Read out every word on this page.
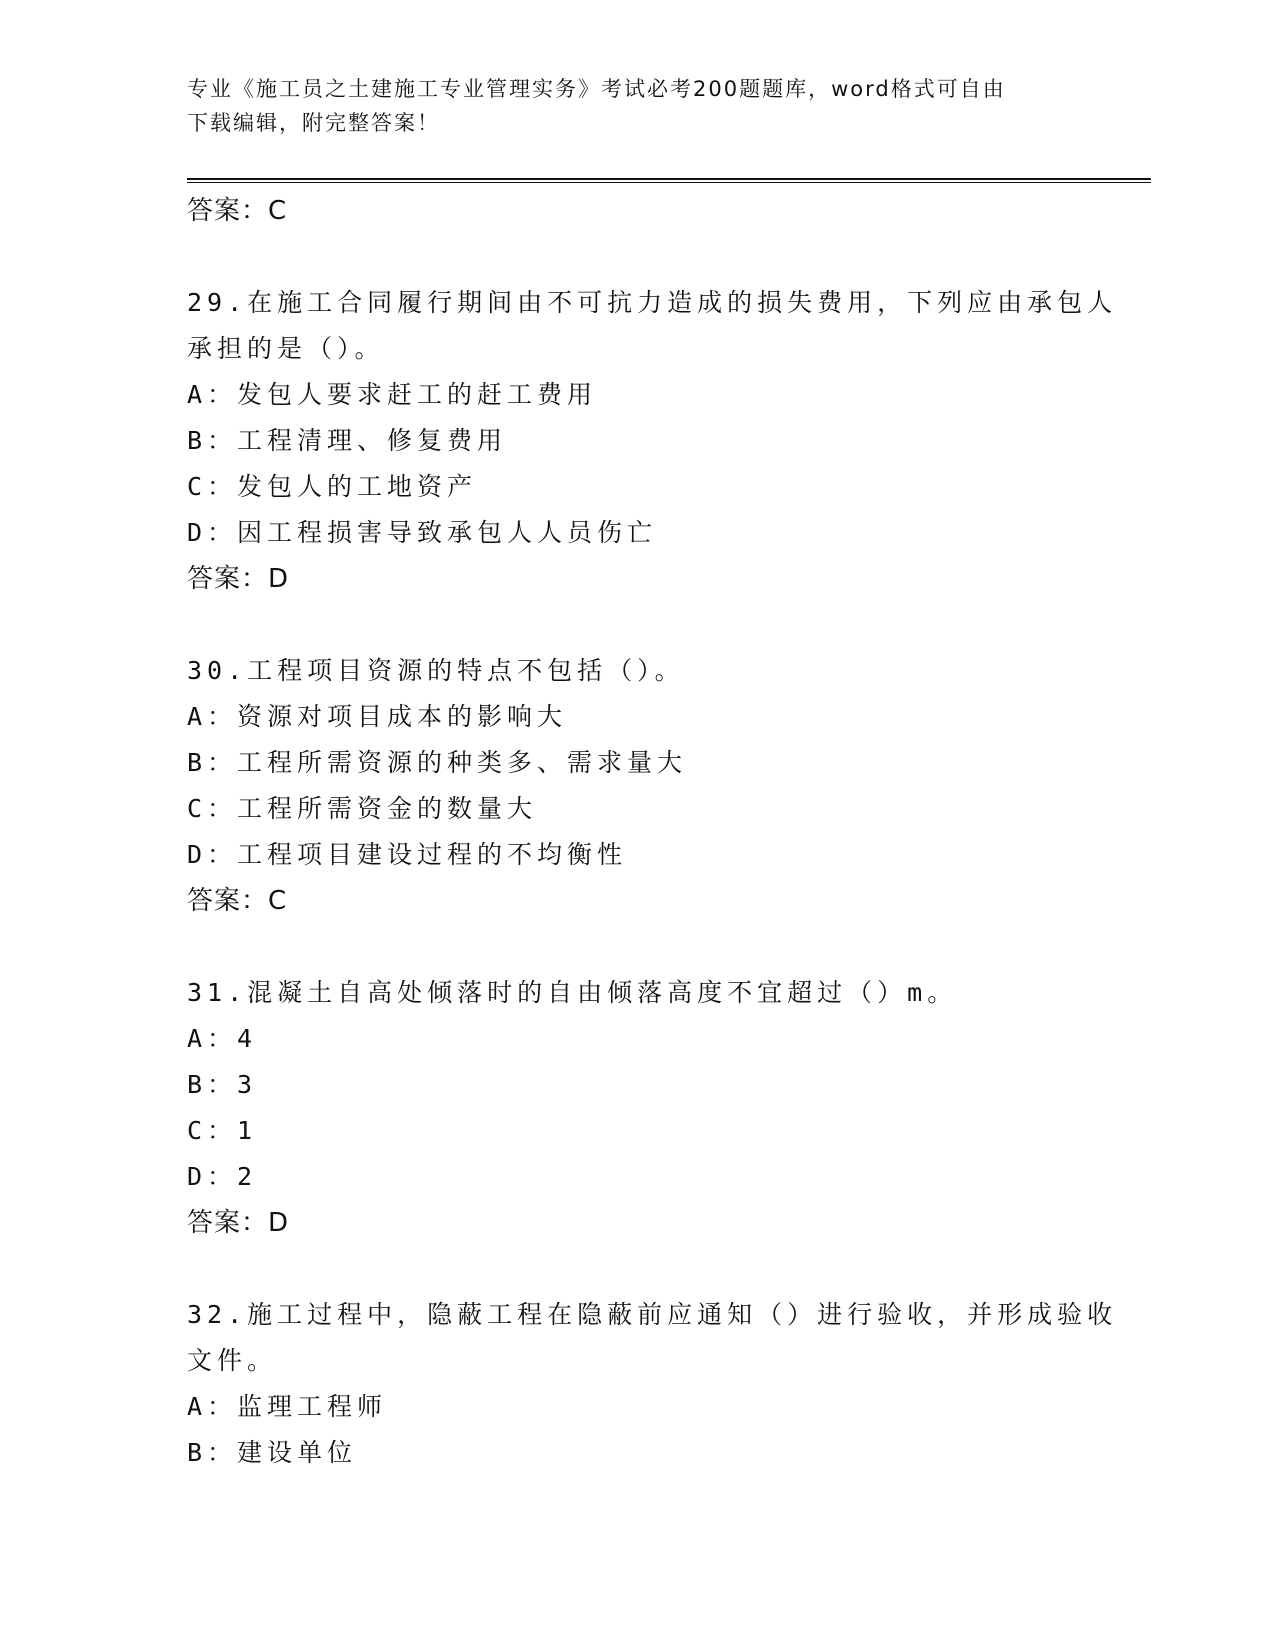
专业《施工员之土建施工专业管理实务》考试必考200题题库，word格式可自由
下载编辑，附完整答案！
答案：C
29.在施工合同履行期间由不可抗力造成的损失费用，下列应由承包人
承担的是（）。
A：发包人要求赶工的赶工费用
B：工程清理、修复费用
C：发包人的工地资产
D：因工程损害导致承包人人员伤亡
答案：D
30.工程项目资源的特点不包括（）。
A：资源对项目成本的影响大
B：工程所需资源的种类多、需求量大
C：工程所需资金的数量大
D：工程项目建设过程的不均衡性
答案：C
31.混凝土自高处倾落时的自由倾落高度不宜超过（）m。
A：4
B：3
C：1
D：2
答案：D
32.施工过程中，隐蔽工程在隐蔽前应通知（）进行验收，并形成验收
文件。
A：监理工程师
B：建设单位
